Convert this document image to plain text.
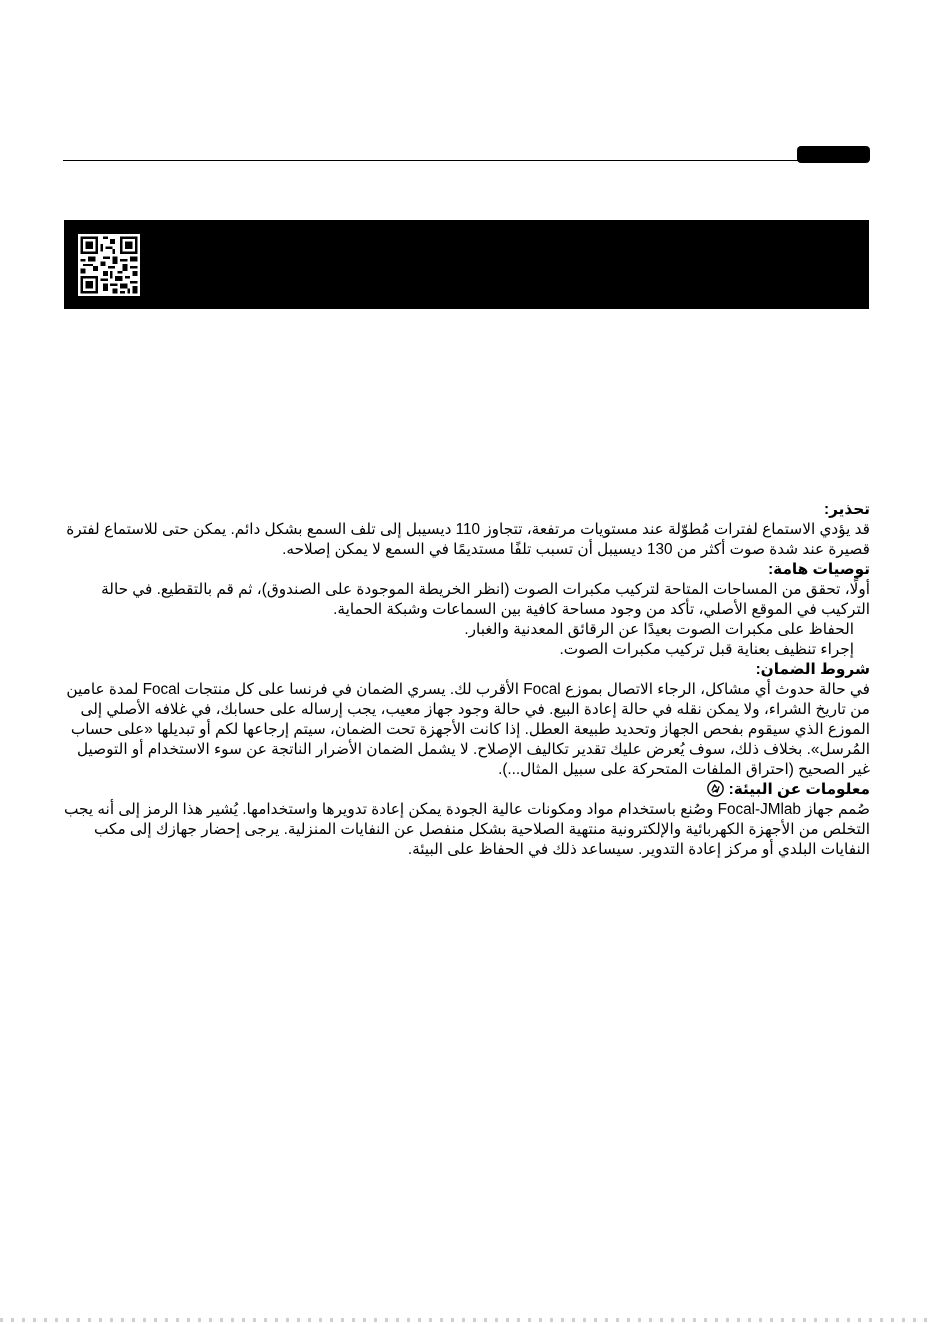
تحذير:

قد يؤدي الاستماع لفترات مُطوّلة عند مستويات مرتفعة، تتجاوز 110 ديسيبل إلى تلف السمع بشكل دائم. يمكن حتى للاستماع لفترة قصيرة عند شدة صوت أكثر من 130 ديسيبل أن تسبب تلفًا مستديمًا في السمع لا يمكن إصلاحه.

توصيات هامة:

أولًا، تحقق من المساحات المتاحة لتركيب مكبرات الصوت (انظر الخريطة الموجودة على الصندوق)، ثم قم بالتقطيع. في حالة التركيب في الموقع الأصلي، تأكد من وجود مساحة كافية بين السماعات وشبكة الحماية.

الحفاظ على مكبرات الصوت بعيدًا عن الرقائق المعدنية والغبار.
إجراء تنظيف بعناية قبل تركيب مكبرات الصوت.
شروط الضمان:

في حالة حدوث أي مشاكل، الرجاء الاتصال بموزع Focal الأقرب لك. يسري الضمان في فرنسا على كل منتجات Focal لمدة عامين من تاريخ الشراء، ولا يمكن نقله في حالة إعادة البيع. في حالة وجود جهاز معيب، يجب إرساله على حسابك، في غلافه الأصلي إلى الموزع الذي سيقوم بفحص الجهاز وتحديد طبيعة العطل. إذا كانت الأجهزة تحت الضمان، سيتم إرجاعها لكم أو تبديلها «على حساب المُرسل». بخلاف ذلك، سوف يُعرض عليك تقدير تكاليف الإصلاح. لا يشمل الضمان الأضرار الناتجة عن سوء الاستخدام أو التوصيل غير الصحيح (احتراق الملفات المتحركة على سبيل المثال...).

معلومات عن البيئة:

صُمم جهاز Focal-JMlab وصُنع باستخدام مواد ومكونات عالية الجودة يمكن إعادة تدويرها واستخدامها. يُشير هذا الرمز إلى أنه يجب التخلص من الأجهزة الكهربائية والإلكترونية منتهية الصلاحية بشكل منفصل عن النفايات المنزلية. يرجى إحضار جهازك إلى مكب النفايات البلدي أو مركز إعادة التدوير. سيساعد ذلك في الحفاظ على البيئة.
